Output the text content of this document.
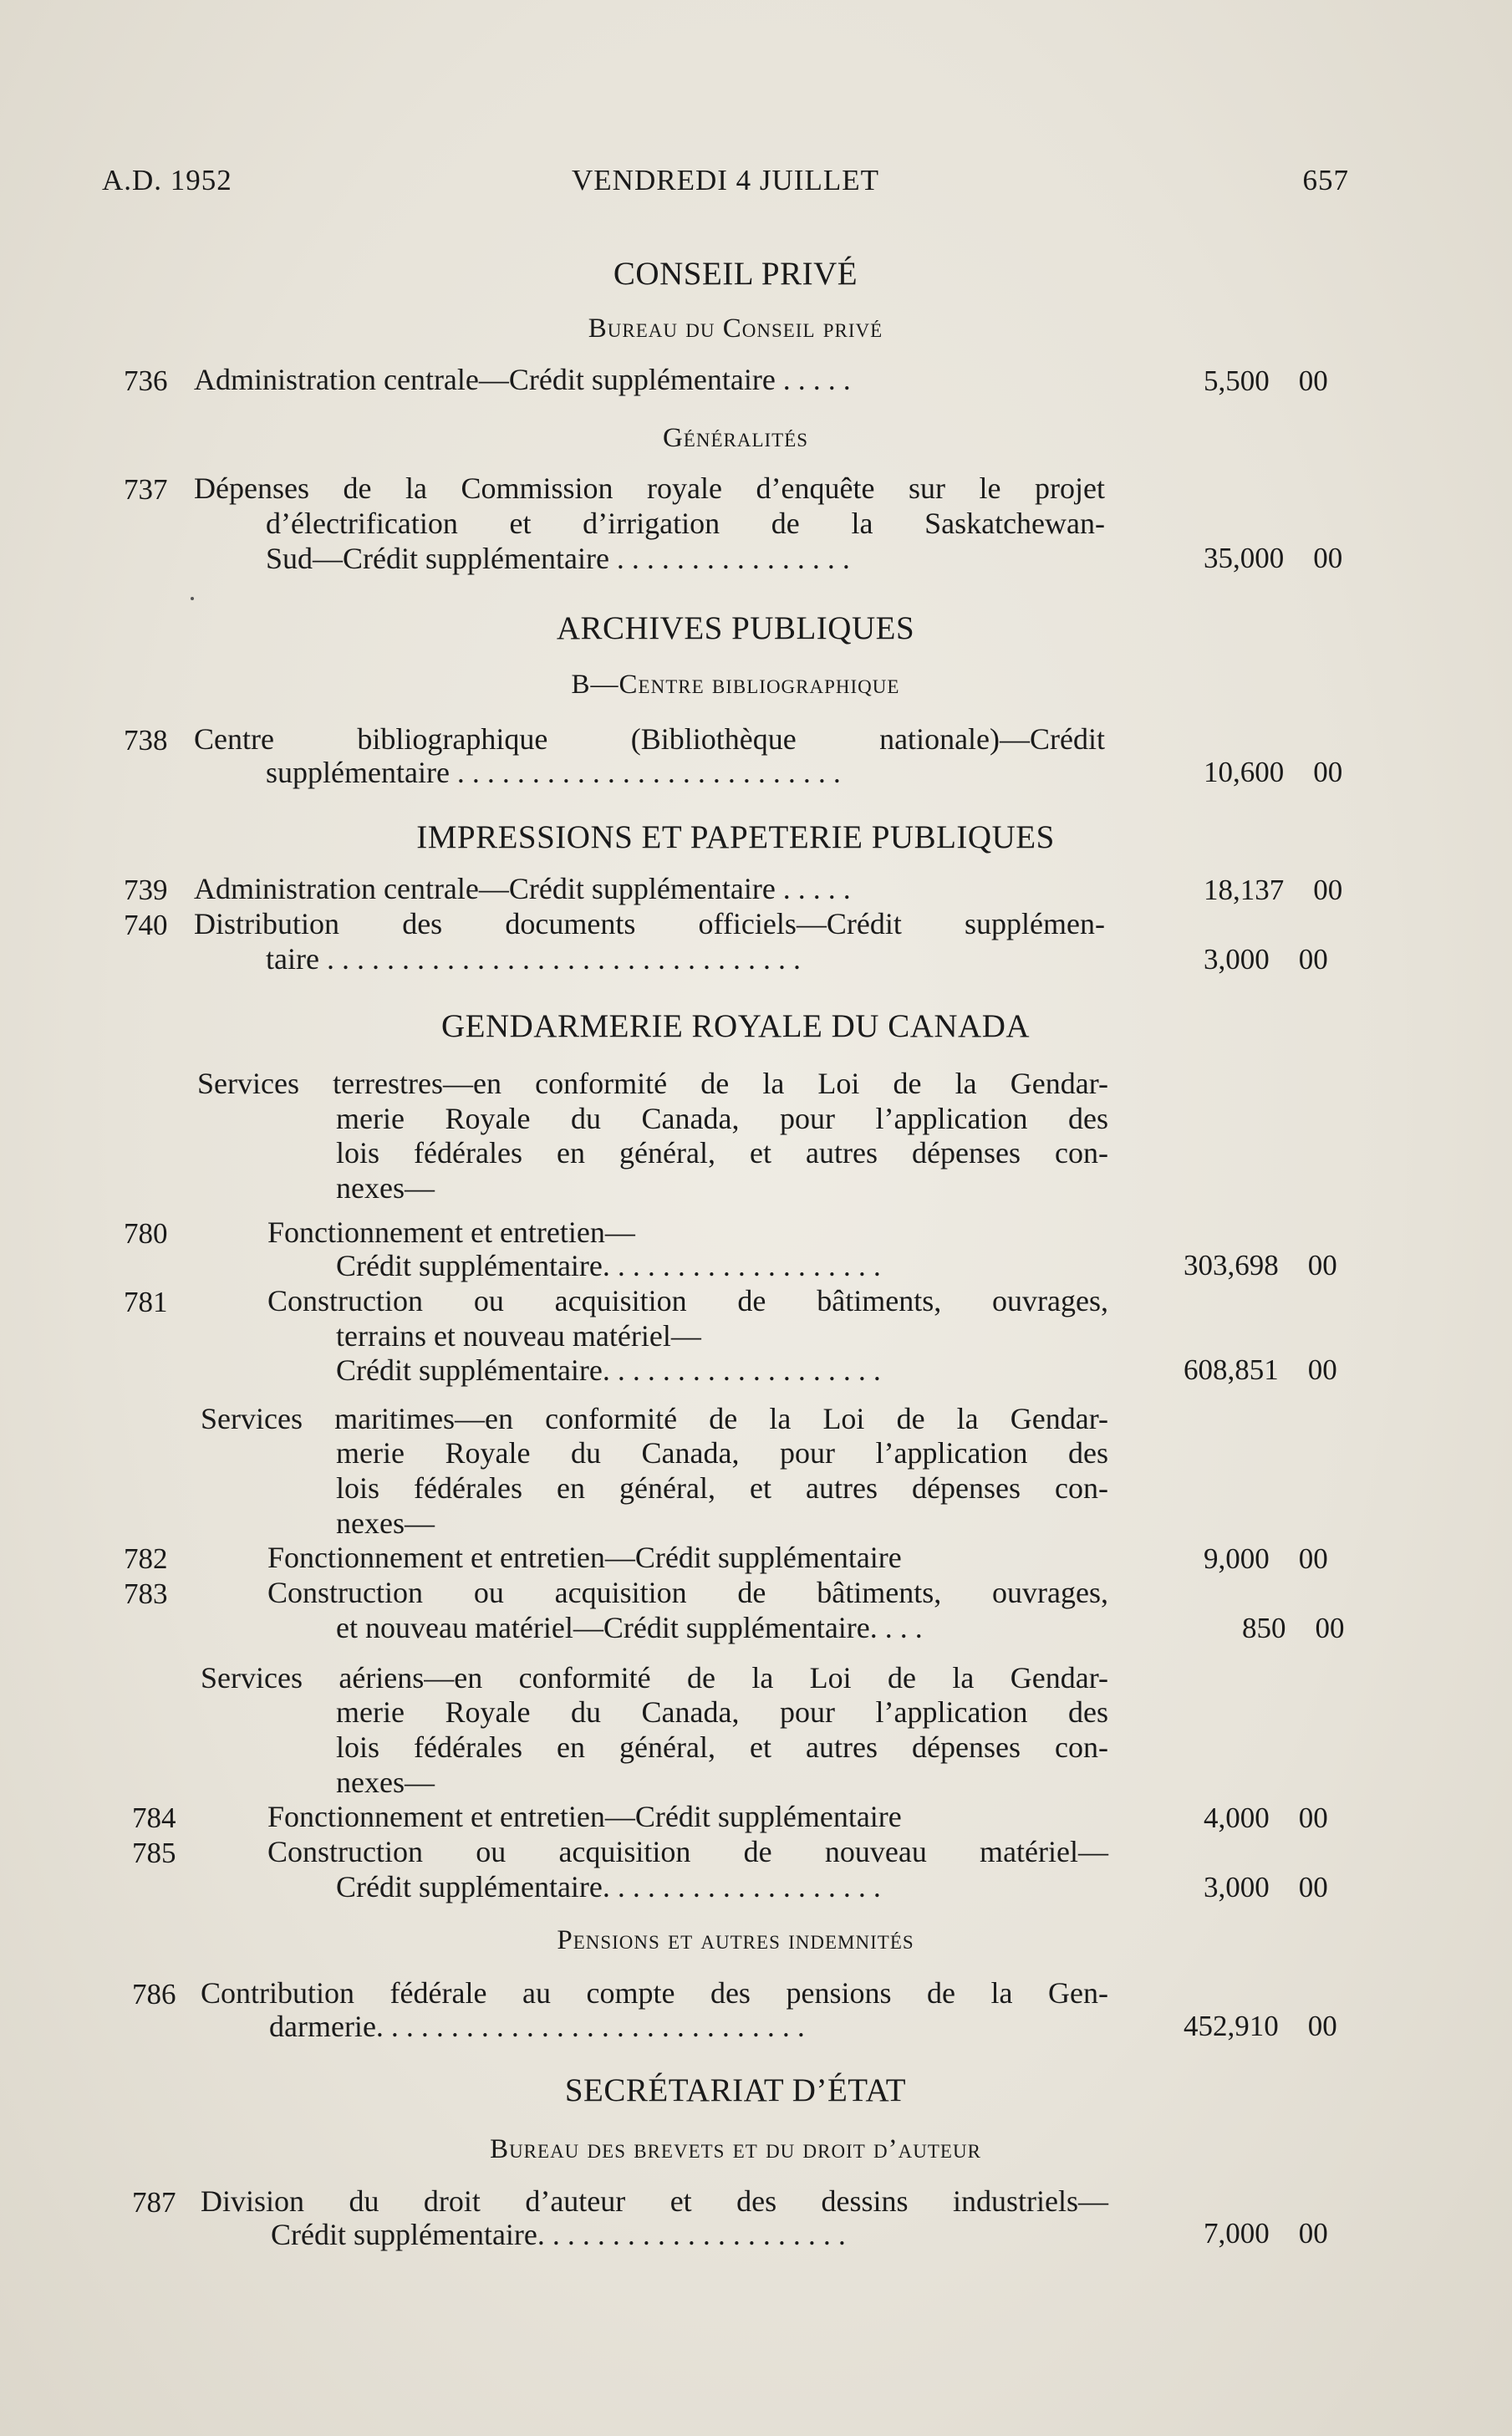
A.D. 1952	VENDREDI 4 JUILLET	657
CONSEIL PRIVÉ
Bureau du Conseil privé
736 Administration centrale—Crédit supplémentaire . . . . .	5,500 00
Généralités
737 Dépenses de la Commission royale d’enquête sur le projet
d’électrification et d’irrigation de la Saskatchewan-
Sud—Crédit supplémentaire . . . . . . . . . . . . . . . .	35,000 00
ARCHIVES PUBLIQUES
B—Centre bibliographique
738 Centre bibliographique (Bibliothèque nationale)—Crédit
supplémentaire . . . . . . . . . . . . . . . . . . . . . . . . . .	10,600 00
IMPRESSIONS ET PAPETERIE PUBLIQUES
739 Administration centrale—Crédit supplémentaire . . . . .	18,137 00
740 Distribution des documents officiels—Crédit supplémen-
taire . . . . . . . . . . . . . . . . . . . . . . . . . . . . . . . .	3,000 00
GENDARMERIE ROYALE DU CANADA
Services terrestres—en conformité de la Loi de la Gendar-
merie Royale du Canada, pour l’application des
lois fédérales en général, et autres dépenses con-
nexes—
780	Fonctionnement et entretien—
Crédit supplémentaire. . . . . . . . . . . . . . . . . . .	303,698 00
781	Construction ou acquisition de bâtiments, ouvrages,
terrains et nouveau matériel—
Crédit supplémentaire. . . . . . . . . . . . . . . . . . .	608,851 00
Services maritimes—en conformité de la Loi de la Gendar-
merie Royale du Canada, pour l’application des
lois fédérales en général, et autres dépenses con-
nexes—
782	Fonctionnement et entretien—Crédit supplémentaire	9,000 00
783	Construction ou acquisition de bâtiments, ouvrages,
et nouveau matériel—Crédit supplémentaire. . . .	850 00
Services aériens—en conformité de la Loi de la Gendar-
merie Royale du Canada, pour l’application des
lois fédérales en général, et autres dépenses con-
nexes—
784	Fonctionnement et entretien—Crédit supplémentaire	4,000 00
785	Construction ou acquisition de nouveau matériel—
Crédit supplémentaire. . . . . . . . . . . . . . . . . . .	3,000 00
Pensions et autres indemnités
786 Contribution fédérale au compte des pensions de la Gen-
darmerie. . . . . . . . . . . . . . . . . . . . . . . . . . . . .	452,910 00
SECRÉTARIAT D’ÉTAT
Bureau des brevets et du droit d’auteur
787 Division du droit d’auteur et des dessins industriels—
Crédit supplémentaire. . . . . . . . . . . . . . . . . . . . .	7,000 00
